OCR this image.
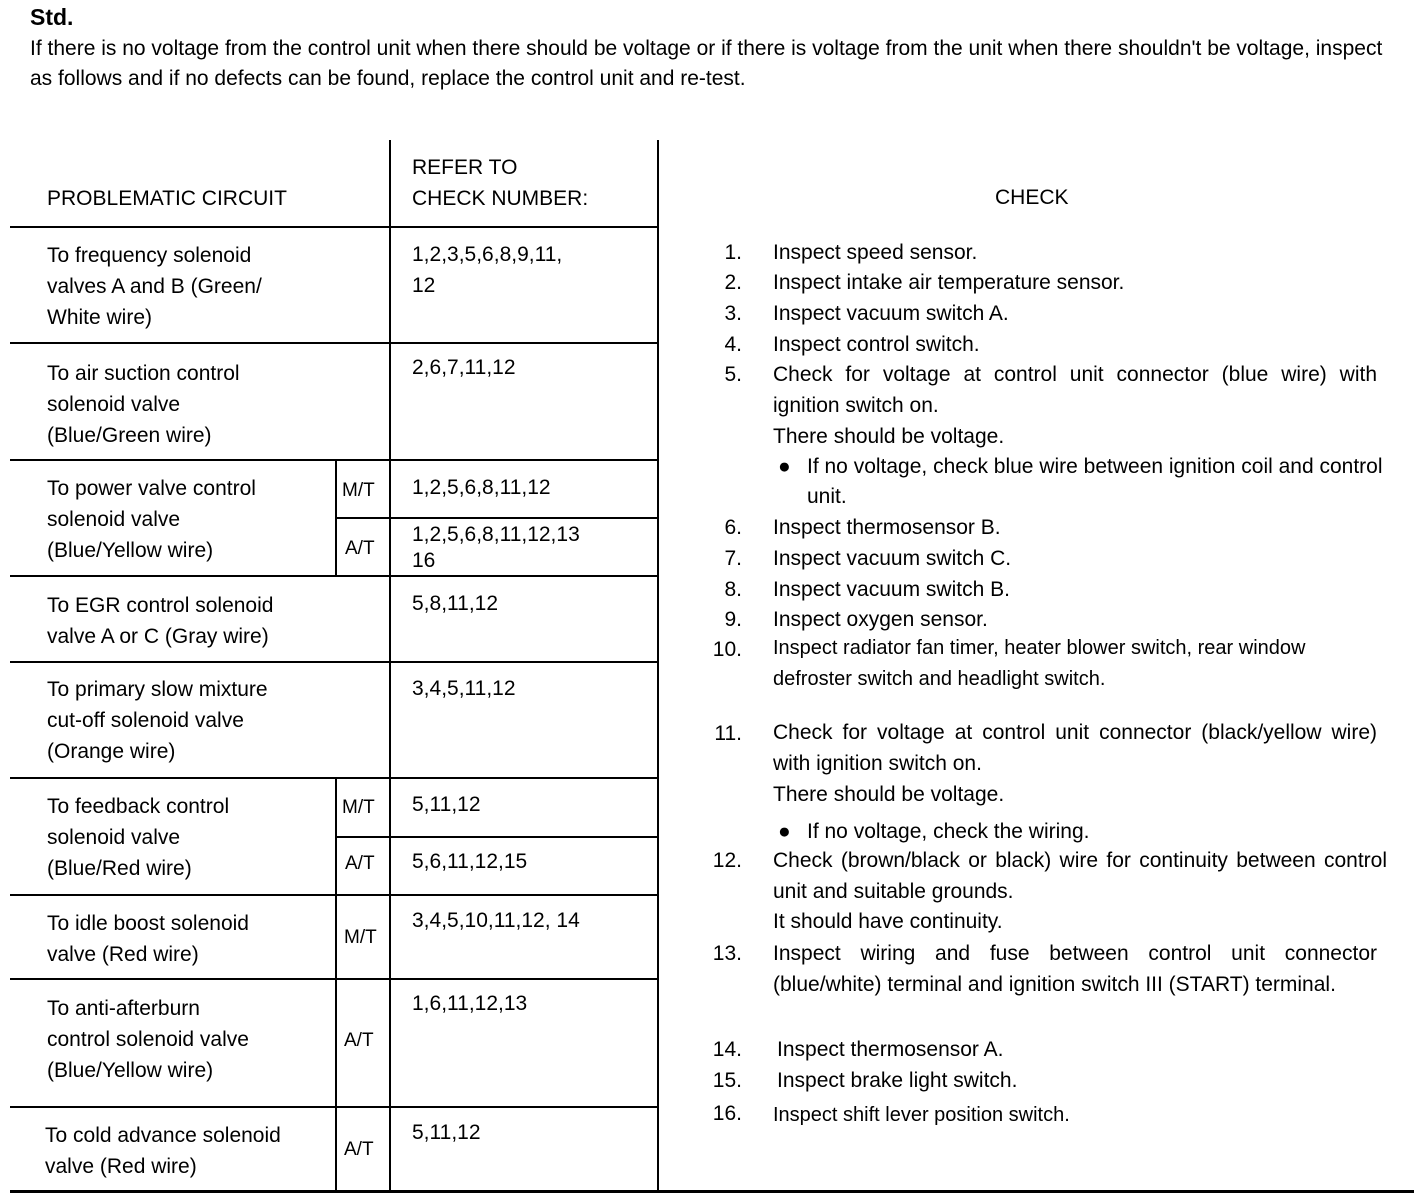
Std.
If there is no voltage from the control unit when there should be voltage or if there is voltage from the unit when there shouldn't be voltage, inspect as follows and if no defects can be found, replace the control unit and re-test.
PROBLEMATIC CIRCUIT
REFER TO
CHECK NUMBER:	CHECK
To frequency solenoid
valves A and B (Green/
White wire)
1,2,3,5,6,8,9,11,
12
To air suction control
solenoid valve
(Blue/Green wire)
2,6,7,11,12
To power valve control
solenoid valve
(Blue/Yellow wire)
M/T 1,2,5,6,8,11,12
A/T
1,2,5,6,8,11,12,13
16
To EGR control solenoid
valve A or C (Gray wire)
5,8,11,12
To primary slow mixture
cut-off solenoid valve
(Orange wire)
3,4,5,11,12
To feedback control
solenoid valve
(Blue/Red wire)
M/T 5,11,12
A/T 5,6,11,12,15
To idle boost solenoid
valve (Red wire)
M/T
3,4,5,10,11,12, 14
To anti-afterburn
control solenoid valve
(Blue/Yellow wire)
A/T
1,6,11,12,13
To cold advance solenoid
valve (Red wire)
A/T
5,11,12
1. Inspect speed sensor.
2. Inspect intake air temperature sensor.
3. Inspect vacuum switch A.
4. Inspect control switch.
5. Check for voltage at control unit connector (blue wire) with ignition switch on.
There should be voltage.
● If no voltage, check blue wire between ignition coil and control unit.
6. Inspect thermosensor B.
7. Inspect vacuum switch C.
8. Inspect vacuum switch B.
9. Inspect oxygen sensor.
10. Inspect radiator fan timer, heater blower switch, rear window defroster switch and headlight switch.
11. Check for voltage at control unit connector (black/yellow wire) with ignition switch on.
There should be voltage.
● If no voltage, check the wiring.
12. Check (brown/black or black) wire for continuity between control unit and suitable grounds.
It should have continuity.
13. Inspect wiring and fuse between control unit connector (blue/white) terminal and ignition switch III (START) terminal.
14. Inspect thermosensor A.
15. Inspect brake light switch.
16. Inspect shift lever position switch.
